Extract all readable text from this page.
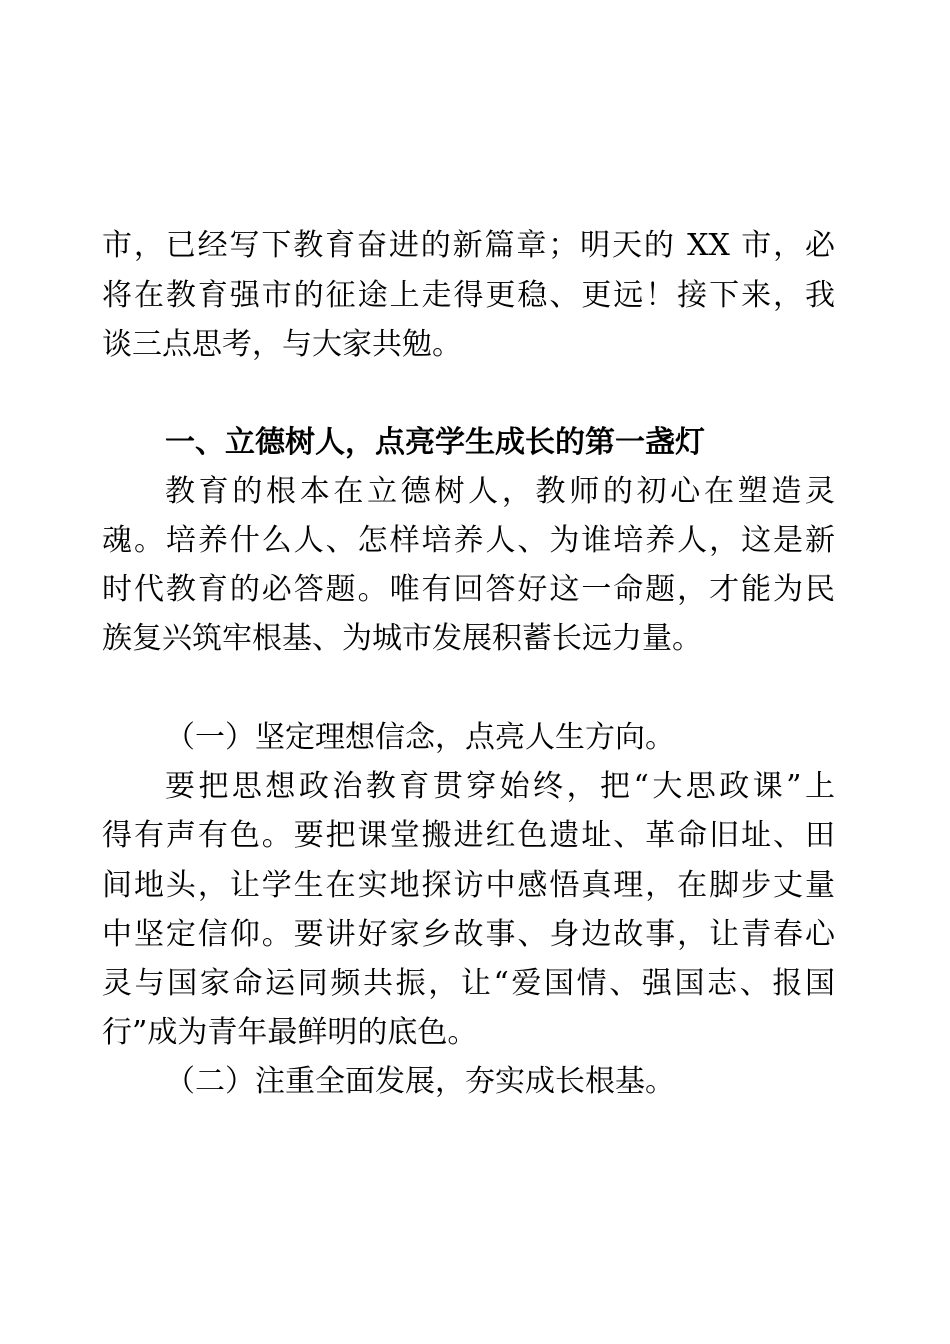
市，已经写下教育奋进的新篇章；明天的 XX 市，必

将在教育强市的征途上走得更稳、更远！接下来，我

谈三点思考，与大家共勉。

一、立德树人，点亮学生成长的第一盏灯

教育的根本在立德树人，教师的初心在塑造灵

魂。培养什么人、怎样培养人、为谁培养人，这是新

时代教育的必答题。唯有回答好这一命题，才能为民

族复兴筑牢根基、为城市发展积蓄长远力量。

（一）坚定理想信念，点亮人生方向。

要把思想政治教育贯穿始终，把“大思政课”上

得有声有色。要把课堂搬进红色遗址、革命旧址、田

间地头，让学生在实地探访中感悟真理，在脚步丈量

中坚定信仰。要讲好家乡故事、身边故事，让青春心

灵与国家命运同频共振，让“爱国情、强国志、报国

行”成为青年最鲜明的底色。

（二）注重全面发展，夯实成长根基。
